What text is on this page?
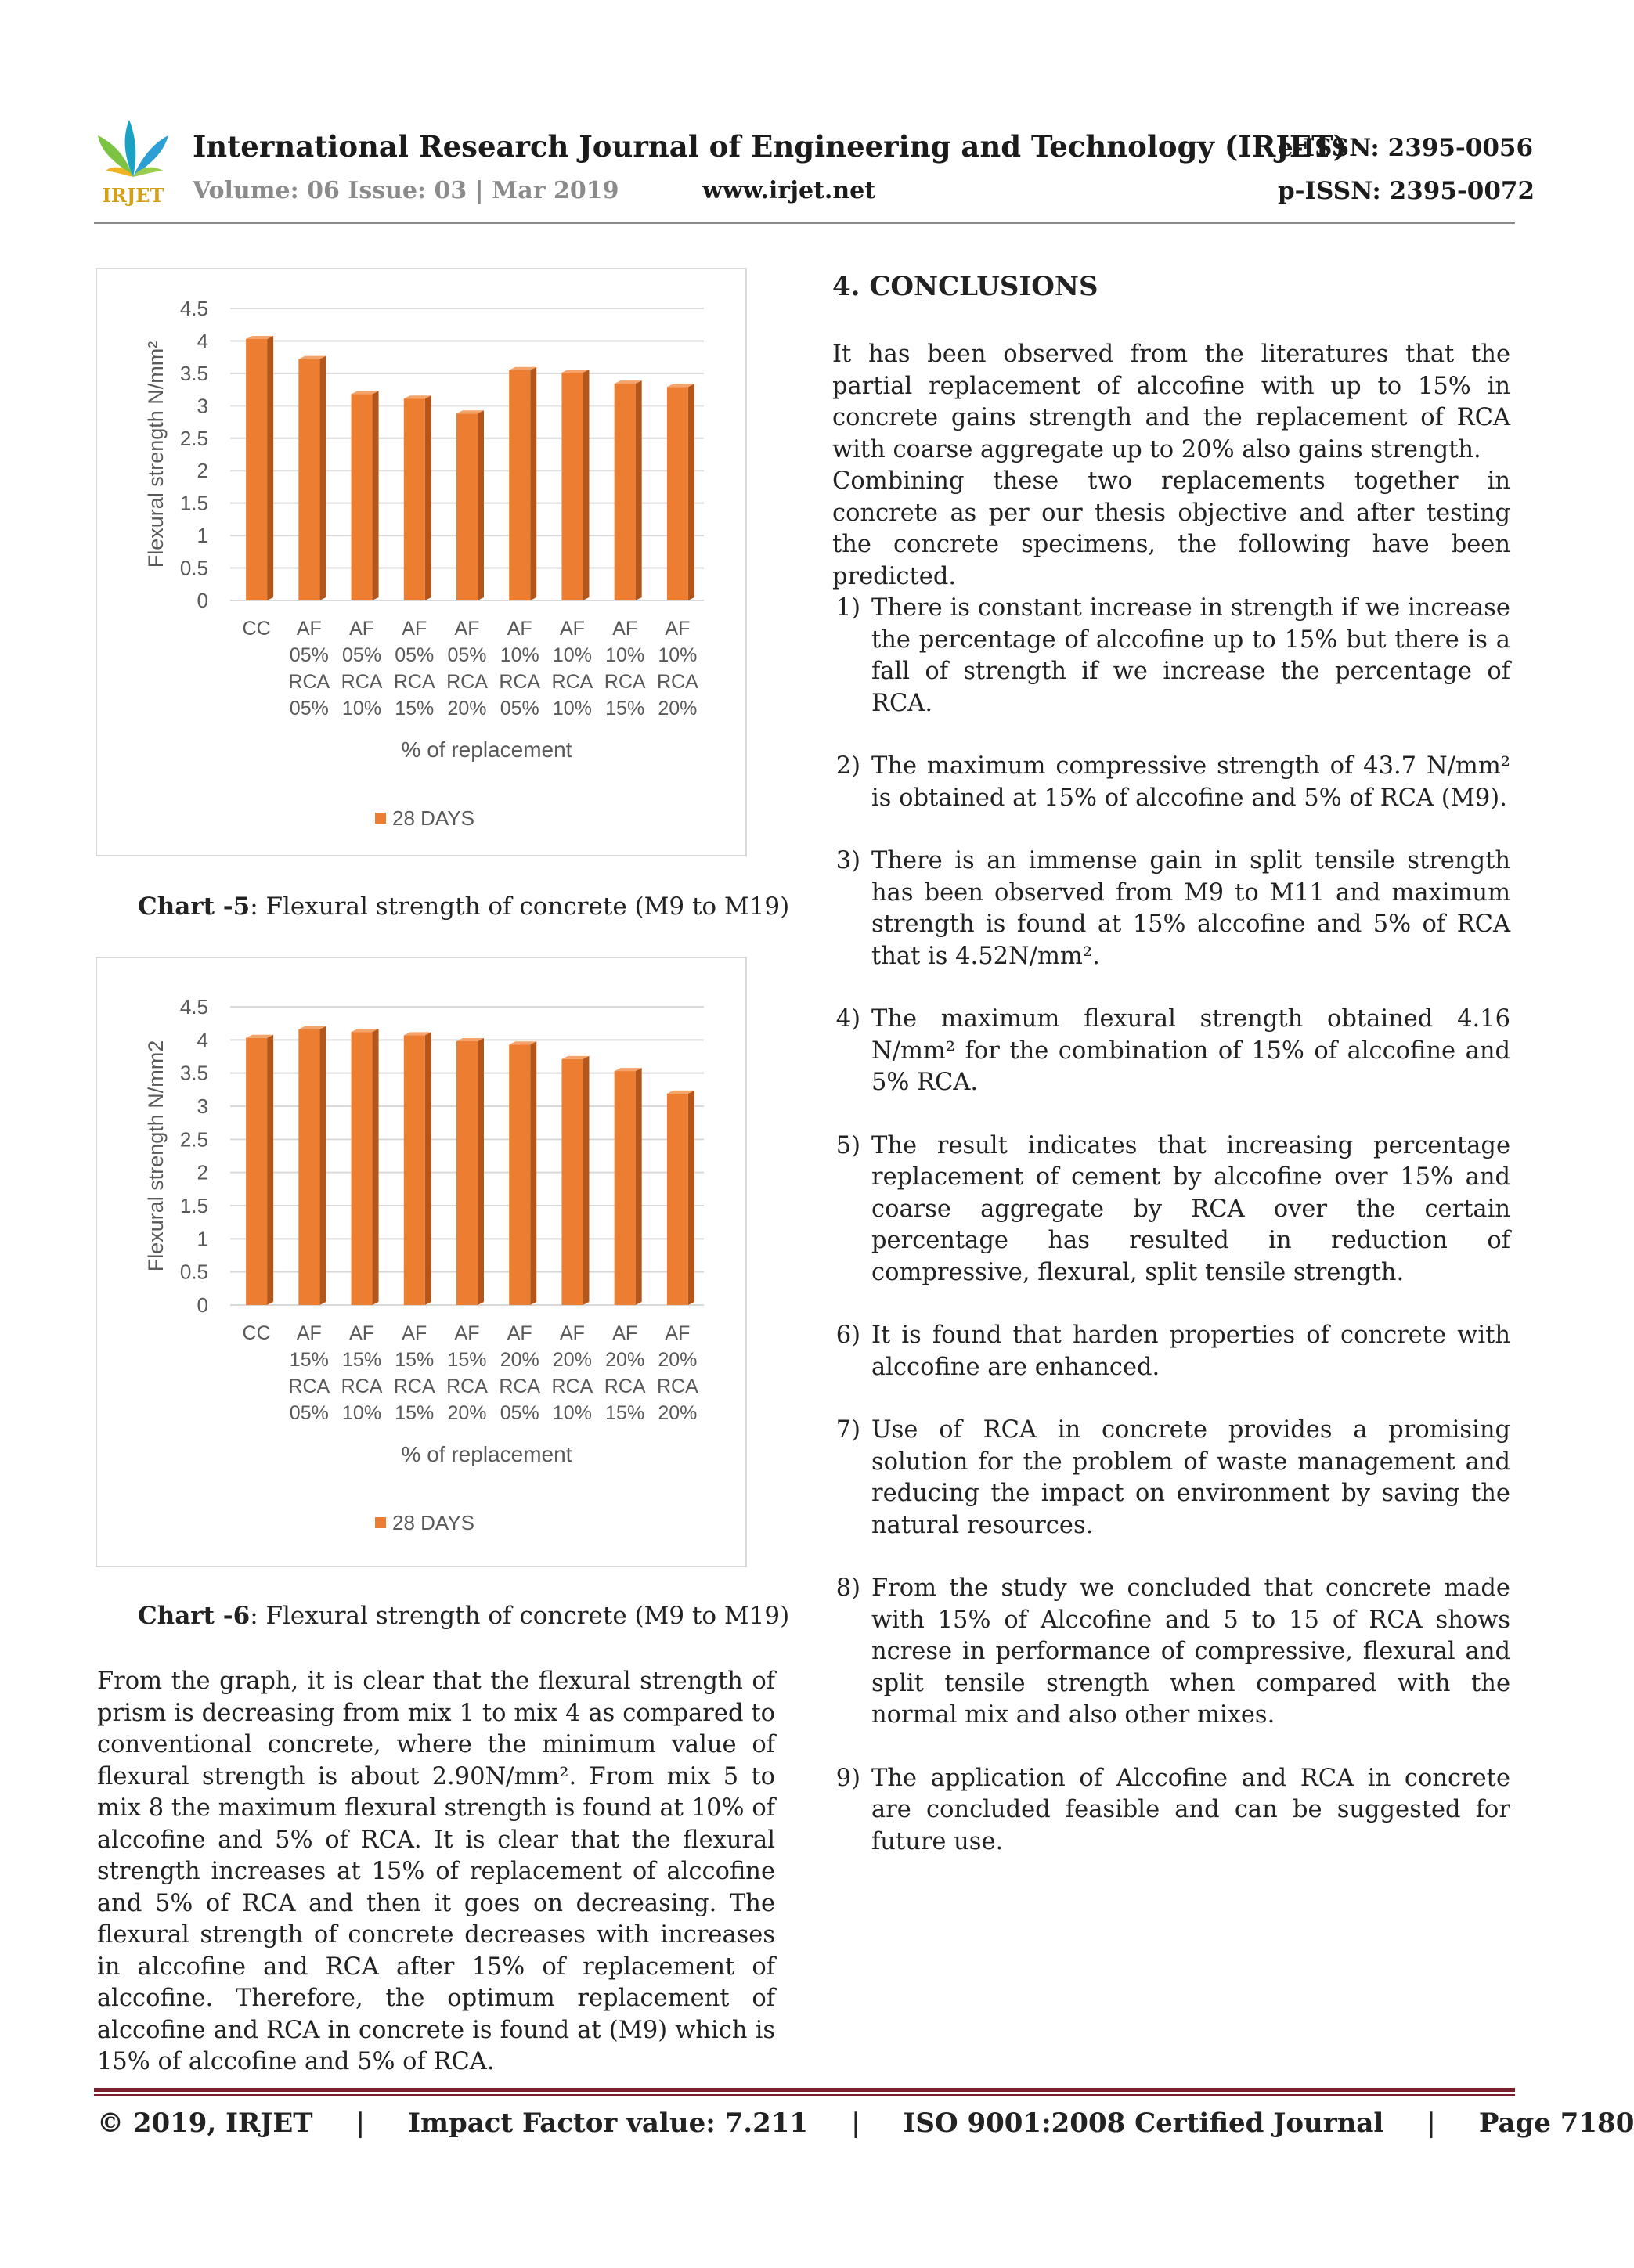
IRJET
International Research Journal of Engineering and Technology (IRJET)
e-ISSN: 2395-0056
Volume: 06 Issue: 03 | Mar 2019	www.irjet.net	p-ISSN: 2395-0072
0
0.5
1
1.5
2
2.5
3
3.5
4
4.5
Flexural strength N/mm²
CC AF
05%
RCA
05%
AF
05%
RCA
10%
AF
05%
RCA
15%
AF
05%
RCA
20%
AF
10%
RCA
05%
AF
10%
RCA
10%
AF
10%
RCA
15%
AF
10%
RCA
20%
% of replacement
28 DAYS
Chart -5: Flexural strength of concrete (M9 to M19)
0
0.5
1
1.5
2
2.5
3
3.5
4
4.5
Flexural strength N/mm2
CC AF
15%
RCA
05%
AF
15%
RCA
10%
AF
15%
RCA
15%
AF
15%
RCA
20%
AF
20%
RCA
05%
AF
20%
RCA
10%
AF
20%
RCA
15%
AF
20%
RCA
20%
% of replacement
28 DAYS
Chart -6: Flexural strength of concrete (M9 to M19)
From the graph, it is clear that the flexural strength of prism is decreasing from mix 1 to mix 4 as compared to conventional concrete, where the minimum value of flexural strength is about 2.90N/mm². From mix 5 to mix 8 the maximum flexural strength is found at 10% of alccofine and 5% of RCA. It is clear that the flexural strength increases at 15% of replacement of alccofine and 5% of RCA and then it goes on decreasing. The flexural strength of concrete decreases with increases in alccofine and RCA after 15% of replacement of alccofine. Therefore, the optimum replacement of alccofine and RCA in concrete is found at (M9) which is 15% of alccofine and 5% of RCA.
4. CONCLUSIONS
It has been observed from the literatures that the partial replacement of alccofine with up to 15% in concrete gains strength and the replacement of RCA with coarse aggregate up to 20% also gains strength.
Combining these two replacements together in concrete as per our thesis objective and after testing the concrete specimens, the following have been predicted.
1) There is constant increase in strength if we increase the percentage of alccofine up to 15% but there is a fall of strength if we increase the percentage of RCA.
2) The maximum compressive strength of 43.7 N/mm² is obtained at 15% of alccofine and 5% of RCA (M9).
3) There is an immense gain in split tensile strength has been observed from M9 to M11 and maximum strength is found at 15% alccofine and 5% of RCA that is 4.52N/mm².
4) The maximum flexural strength obtained 4.16 N/mm² for the combination of 15% of alccofine and 5% RCA.
5) The result indicates that increasing percentage replacement of cement by alccofine over 15% and coarse aggregate by RCA over the certain percentage has resulted in reduction of compressive, flexural, split tensile strength.
6) It is found that harden properties of concrete with alccofine are enhanced.
7) Use of RCA in concrete provides a promising solution for the problem of waste management and reducing the impact on environment by saving the natural resources.
8) From the study we concluded that concrete made with 15% of Alccofine and 5 to 15 of RCA shows ncrese in performance of compressive, flexural and split tensile strength when compared with the normal mix and also other mixes.
9) The application of Alccofine and RCA in concrete are concluded feasible and can be suggested for future use.
© 2019, IRJET | Impact Factor value: 7.211 | ISO 9001:2008 Certified Journal | Page 7180
